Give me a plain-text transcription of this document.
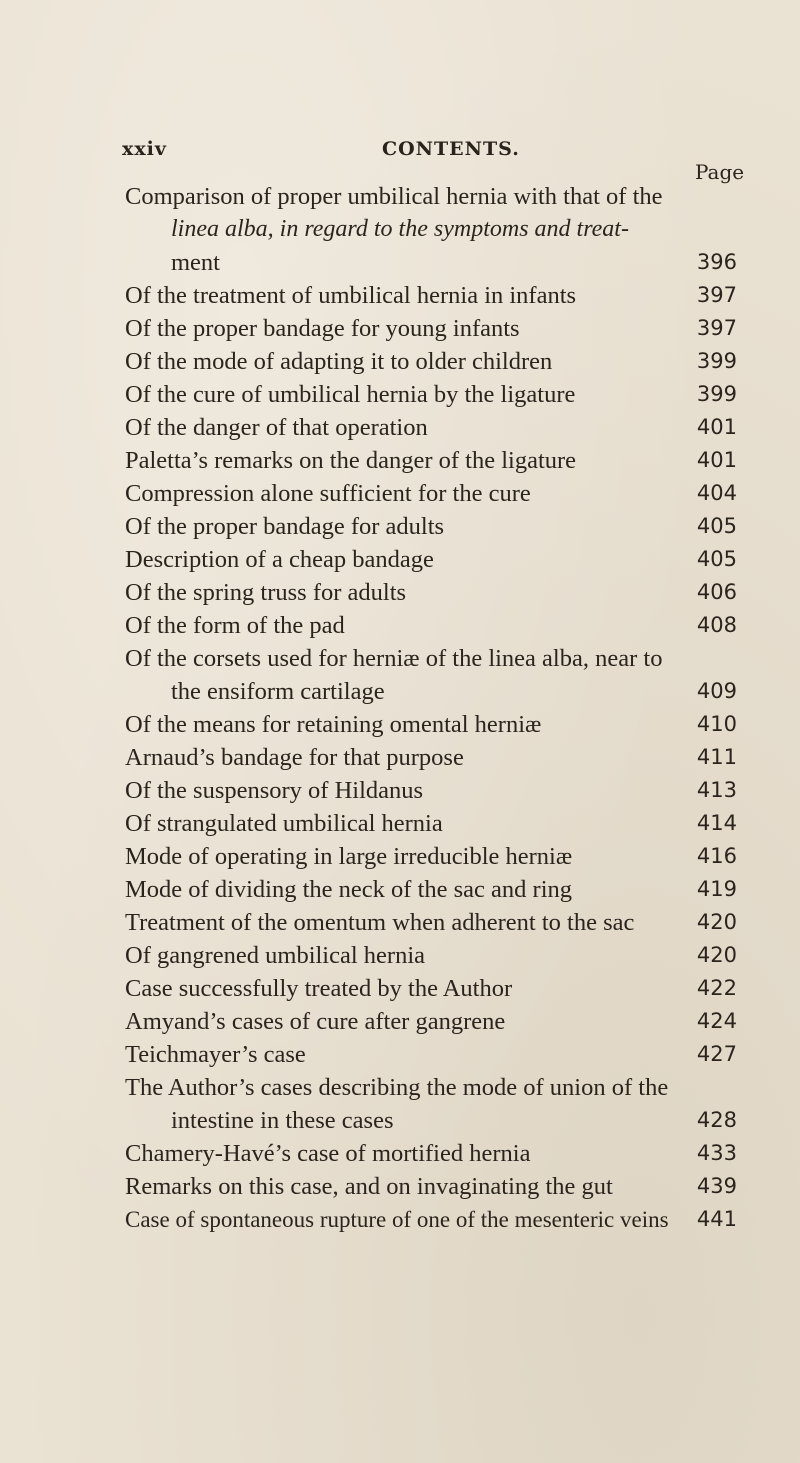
xxiv	CONTENTS.
Page
Comparison of proper umbilical hernia with that of the
linea alba, in regard to the symptoms and treat-
ment	396
Of the treatment of umbilical hernia in infants	397
Of the proper bandage for young infants	397
Of the mode of adapting it to older children	399
Of the cure of umbilical hernia by the ligature	399
Of the danger of that operation	401
Paletta’s remarks on the danger of the ligature	401
Compression alone sufficient for the cure	404
Of the proper bandage for adults	405
Description of a cheap bandage	405
Of the spring truss for adults	406
Of the form of the pad	408
Of the corsets used for herniæ of the linea alba, near to
the ensiform cartilage	409
Of the means for retaining omental herniæ	410
Arnaud’s bandage for that purpose	411
Of the suspensory of Hildanus	413
Of strangulated umbilical hernia	414
Mode of operating in large irreducible herniæ	416
Mode of dividing the neck of the sac and ring	419
Treatment of the omentum when adherent to the sac	420
Of gangrened umbilical hernia	420
Case successfully treated by the Author	422
Amyand’s cases of cure after gangrene	424
Teichmayer’s case	427
The Author’s cases describing the mode of union of the
intestine in these cases	428
Chamery-Havé’s case of mortified hernia	433
Remarks on this case, and on invaginating the gut	439
Case of spontaneous rupture of one of the mesenteric veins	441
